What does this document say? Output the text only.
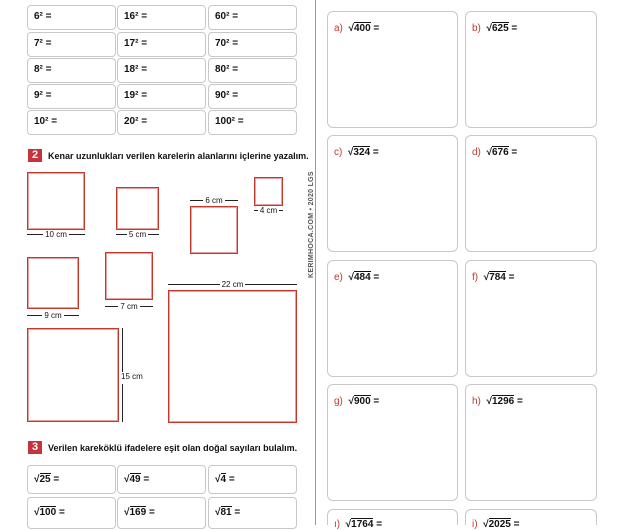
6² =	16² =	60² =
7² =	17² =	70² =
8² =	18² =	80² =
9² =	19² =	90² =
10² =	20² =	100² =
2	Kenar uzunlukları verilen karelerin alanlarını içlerine yazalım.
10 cm	5 cm
6 cm
4 cm
9 cm
7 cm
22 cm
15 cm
3	Verilen kareköklü ifadelere eşit olan doğal sayıları bulalım.
√25 =	√49 =	√4 =
√100 =	√169 =	√81 =
KERIMHOCA.COM • 2020 LGS
a) √400 =	b) √625 =
c) √324 =	d) √676 =
e) √484 =	f) √784 =
g) √900 =	h) √1296 =
ı) √1764 =	i) √2025 =
